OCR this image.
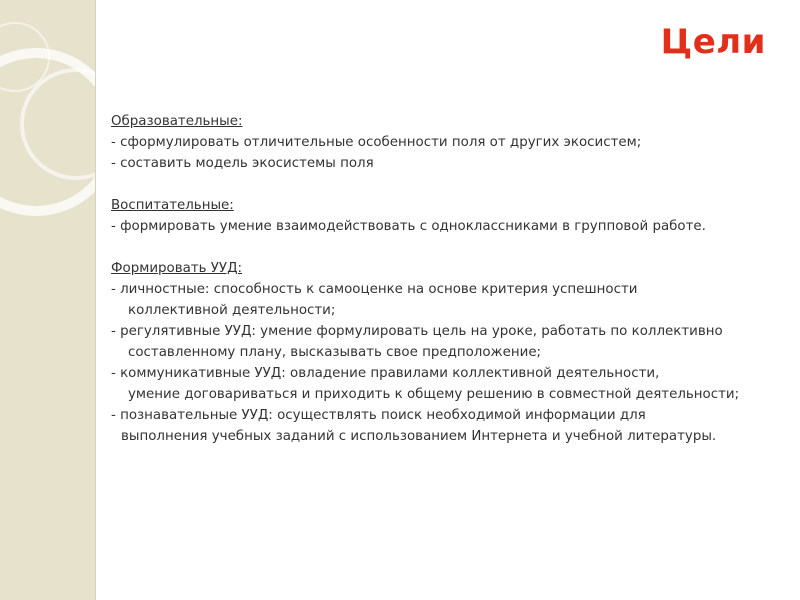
Цели

Образовательные:

- сформулировать отличительные особенности поля от других экосистем;

- составить модель экосистемы поля

Воспитательные:

- формировать умение взаимодействовать с одноклассниками в групповой работе.

Формировать УУД:

- личностные: способность к самооценке на основе критерия успешности

коллективной деятельности;

- регулятивные УУД: умение формулировать цель на уроке, работать по коллективно

составленному плану, высказывать свое предположение;

- коммуникативные УУД: овладение правилами коллективной деятельности,

умение договариваться и приходить к общему решению в совместной деятельности;

- познавательные УУД: осуществлять поиск необходимой информации для

выполнения учебных заданий с использованием Интернета и учебной литературы.
